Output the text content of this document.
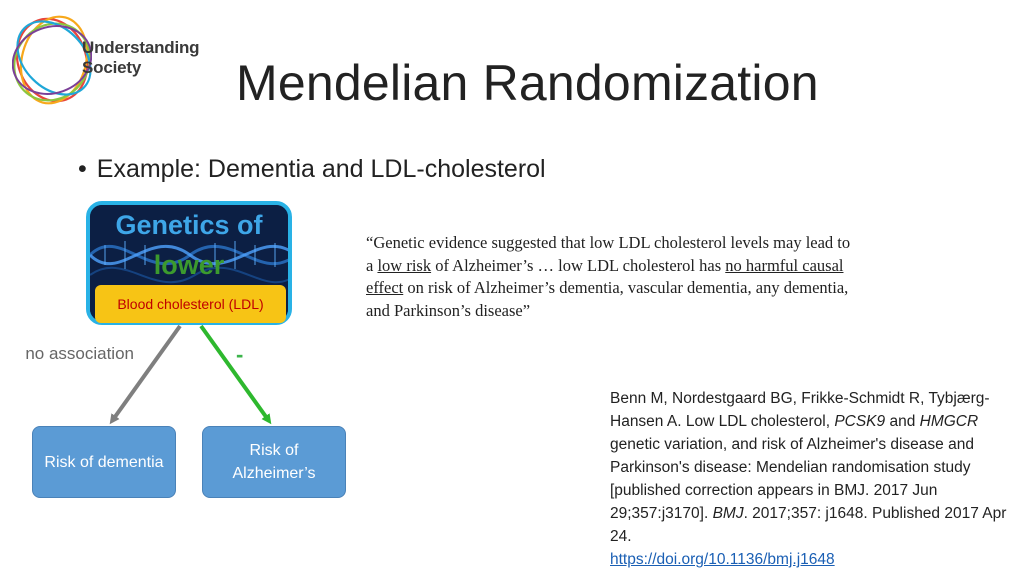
Understanding
Society Mendelian Randomization
• Example: Dementia and LDL-cholesterol
Genetics of
lower
Blood cholesterol (LDL)
no association	-
Risk of dementia
Risk of Alzheimer’s
“Genetic evidence suggested that low LDL cholesterol levels may lead to a low risk of Alzheimer’s … low LDL cholesterol has no harmful causal effect on risk of Alzheimer’s dementia, vascular dementia, any dementia, and Parkinson’s disease”
Benn M, Nordestgaard BG, Frikke-Schmidt R, Tybjærg-Hansen A. Low LDL cholesterol, PCSK9 and HMGCR genetic variation, and risk of Alzheimer's disease and Parkinson's disease: Mendelian randomisation study [published correction appears in BMJ. 2017 Jun 29;357:j3170]. BMJ. 2017;357: j1648. Published 2017 Apr 24.
https://doi.org/10.1136/bmj.j1648
